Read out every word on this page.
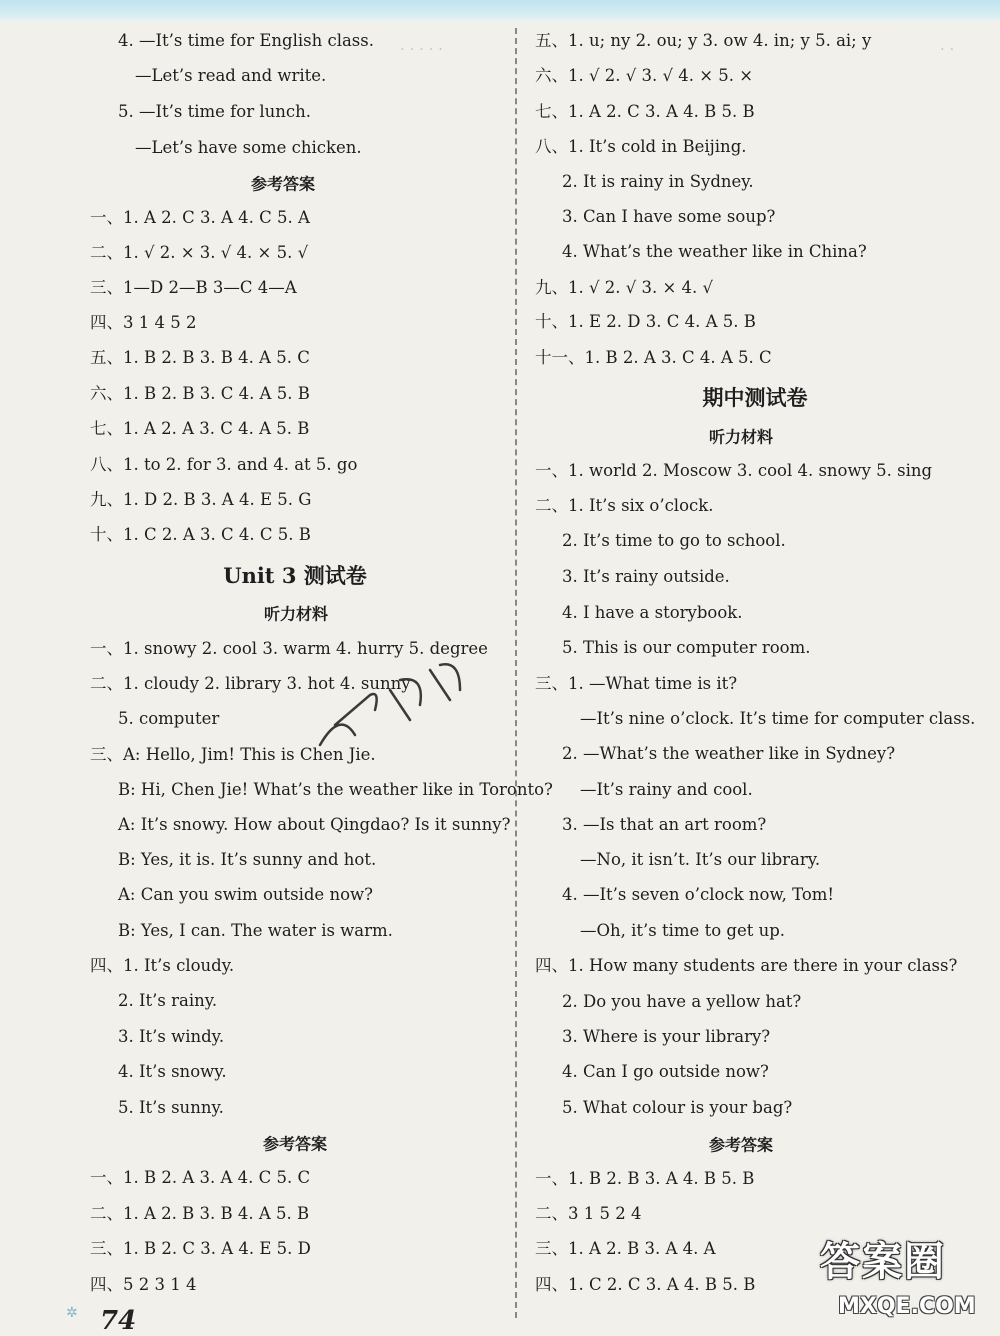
· · · · ·	· ·
4. —It’s time for English class.
—Let’s read and write.
5. —It’s time for lunch.
—Let’s have some chicken.
一、1. A 2. C 3. A 4. C 5. A
二、1. √ 2. × 3. √ 4. × 5. √
三、1—D 2—B 3—C 4—A
四、3 1 4 5 2
五、1. B 2. B 3. B 4. A 5. C
六、1. B 2. B 3. C 4. A 5. B
七、1. A 2. A 3. C 4. A 5. B
八、1. to 2. for 3. and 4. at 5. go
九、1. D 2. B 3. A 4. E 5. G
十、1. C 2. A 3. C 4. C 5. B
一、1. snowy 2. cool 3. warm 4. hurry 5. degree
二、1. cloudy 2. library 3. hot 4. sunny
5. computer
三、A: Hello, Jim! This is Chen Jie.
B: Hi, Chen Jie! What’s the weather like in Toronto?
A: It’s snowy. How about Qingdao? Is it sunny?
B: Yes, it is. It’s sunny and hot.
A: Can you swim outside now?
B: Yes, I can. The water is warm.
四、1. It’s cloudy.
2. It’s rainy.
3. It’s windy.
4. It’s snowy.
5. It’s sunny.
一、1. B 2. A 3. A 4. C 5. C
二、1. A 2. B 3. B 4. A 5. B
三、1. B 2. C 3. A 4. E 5. D
四、5 2 3 1 4
参考答案
Unit 3 测试卷
听力材料
参考答案
五、1. u; ny 2. ou; y 3. ow 4. in; y 5. ai; y
六、1. √ 2. √ 3. √ 4. × 5. ×
七、1. A 2. C 3. A 4. B 5. B
八、1. It’s cold in Beijing.
2. It is rainy in Sydney.
3. Can I have some soup?
4. What’s the weather like in China?
九、1. √ 2. √ 3. × 4. √
十、1. E 2. D 3. C 4. A 5. B
十一、1. B 2. A 3. C 4. A 5. C
一、1. world 2. Moscow 3. cool 4. snowy 5. sing
二、1. It’s six o’clock.
2. It’s time to go to school.
3. It’s rainy outside.
4. I have a storybook.
5. This is our computer room.
三、1. —What time is it?
—It’s nine o’clock. It’s time for computer class.
2. —What’s the weather like in Sydney?
—It’s rainy and cool.
3. —Is that an art room?
—No, it isn’t. It’s our library.
4. —It’s seven o’clock now, Tom!
—Oh, it’s time to get up.
四、1. How many students are there in your class?
2. Do you have a yellow hat?
3. Where is your library?
4. Can I go outside now?
5. What colour is your bag?
一、1. B 2. B 3. A 4. B 5. B
二、3 1 5 2 4
三、1. A 2. B 3. A 4. A
四、1. C 2. C 3. A 4. B 5. B
期中测试卷
听力材料
参考答案
✲ 74
答案圈
MXQE.COM
